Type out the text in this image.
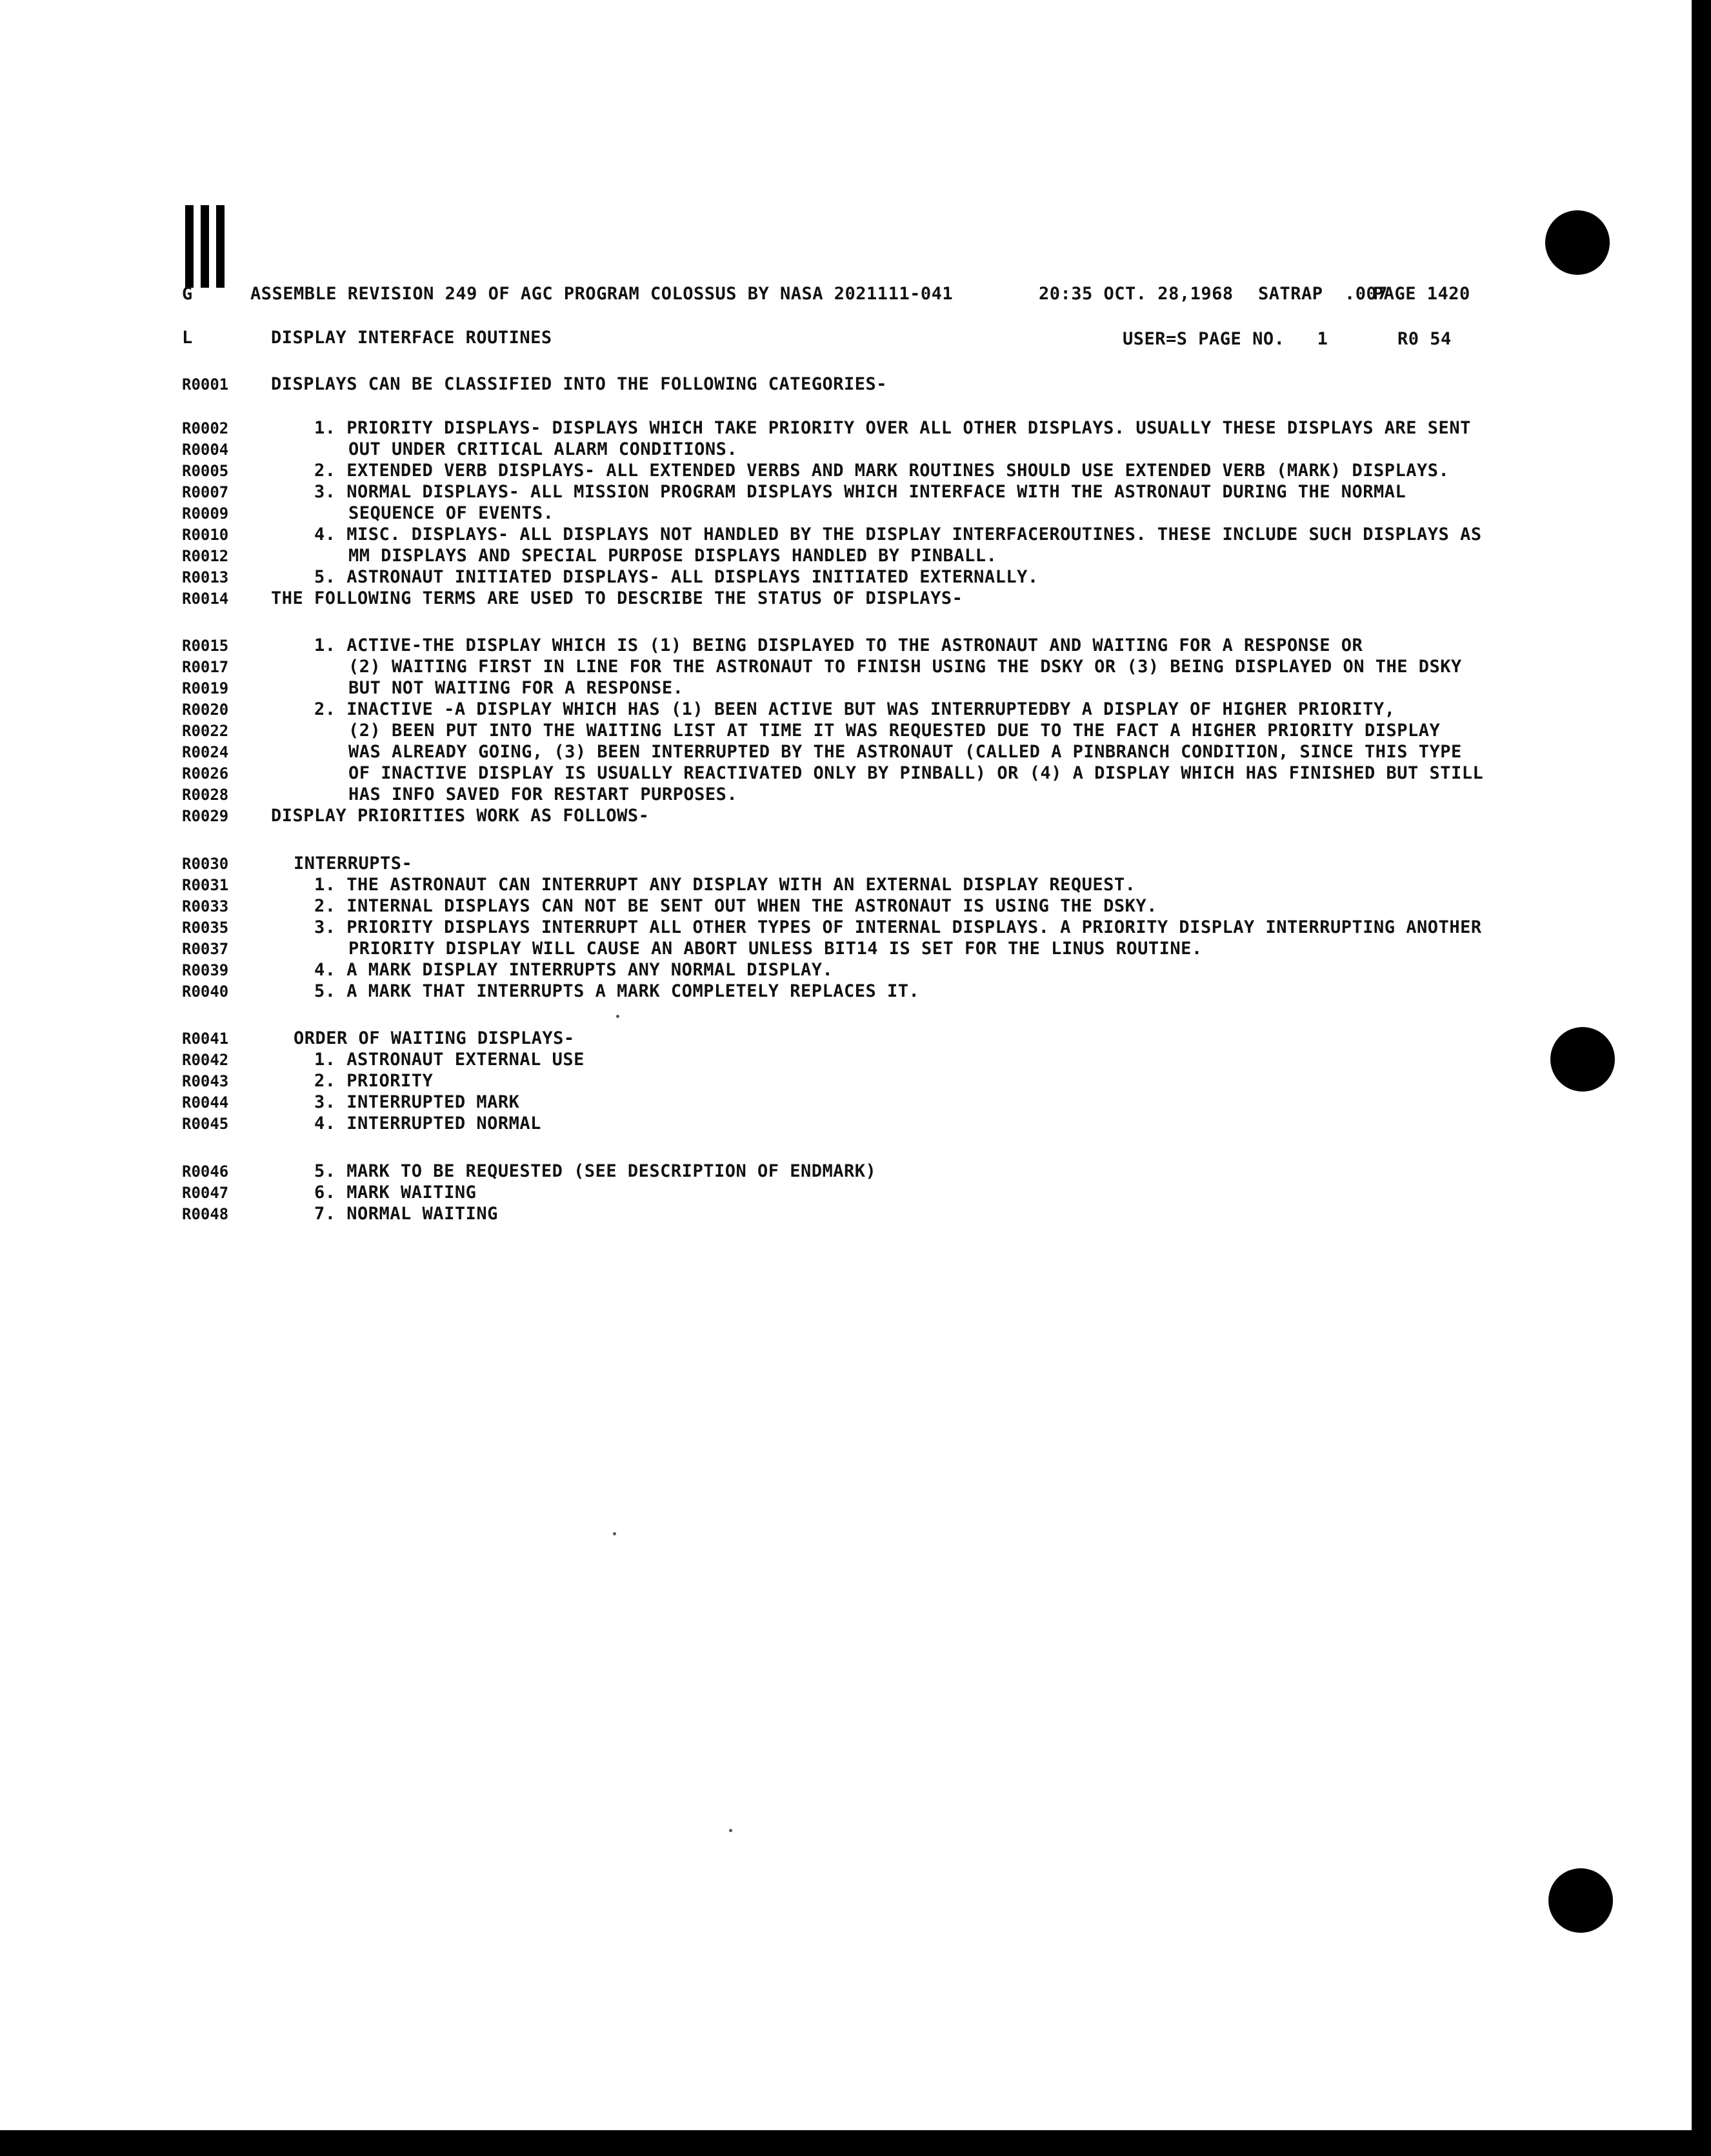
G	ASSEMBLE REVISION 249 OF AGC PROGRAM COLOSSUS BY NASA 2021111-041	20:35 OCT. 28,1968 SATRAP  .007
PAGE 1420
L	DISPLAY INTERFACE ROUTINES	USER=S PAGE NO.   1	R0 54
R0001 DISPLAYS CAN BE CLASSIFIED INTO THE FOLLOWING CATEGORIES-
R0002	1. PRIORITY DISPLAYS- DISPLAYS WHICH TAKE PRIORITY OVER ALL OTHER DISPLAYS. USUALLY THESE DISPLAYS ARE SENT
R0004	OUT UNDER CRITICAL ALARM CONDITIONS.
R0005	2. EXTENDED VERB DISPLAYS- ALL EXTENDED VERBS AND MARK ROUTINES SHOULD USE EXTENDED VERB (MARK) DISPLAYS.
R0007	3. NORMAL DISPLAYS- ALL MISSION PROGRAM DISPLAYS WHICH INTERFACE WITH THE ASTRONAUT DURING THE NORMAL
R0009	SEQUENCE OF EVENTS.
R0010	4. MISC. DISPLAYS- ALL DISPLAYS NOT HANDLED BY THE DISPLAY INTERFACEROUTINES. THESE INCLUDE SUCH DISPLAYS AS
R0012	MM DISPLAYS AND SPECIAL PURPOSE DISPLAYS HANDLED BY PINBALL.
R0013	5. ASTRONAUT INITIATED DISPLAYS- ALL DISPLAYS INITIATED EXTERNALLY.
R0014 THE FOLLOWING TERMS ARE USED TO DESCRIBE THE STATUS OF DISPLAYS-
R0015	1. ACTIVE-THE DISPLAY WHICH IS (1) BEING DISPLAYED TO THE ASTRONAUT AND WAITING FOR A RESPONSE OR
R0017	(2) WAITING FIRST IN LINE FOR THE ASTRONAUT TO FINISH USING THE DSKY OR (3) BEING DISPLAYED ON THE DSKY
R0019	BUT NOT WAITING FOR A RESPONSE.
R0020	2. INACTIVE -A DISPLAY WHICH HAS (1) BEEN ACTIVE BUT WAS INTERRUPTEDBY A DISPLAY OF HIGHER PRIORITY,
R0022	(2) BEEN PUT INTO THE WAITING LIST AT TIME IT WAS REQUESTED DUE TO THE FACT A HIGHER PRIORITY DISPLAY
R0024	WAS ALREADY GOING, (3) BEEN INTERRUPTED BY THE ASTRONAUT (CALLED A PINBRANCH CONDITION, SINCE THIS TYPE
R0026	OF INACTIVE DISPLAY IS USUALLY REACTIVATED ONLY BY PINBALL) OR (4) A DISPLAY WHICH HAS FINISHED BUT STILL
R0028	HAS INFO SAVED FOR RESTART PURPOSES.
R0029 DISPLAY PRIORITIES WORK AS FOLLOWS-
R0030	INTERRUPTS-
R0031	1. THE ASTRONAUT CAN INTERRUPT ANY DISPLAY WITH AN EXTERNAL DISPLAY REQUEST.
R0033	2. INTERNAL DISPLAYS CAN NOT BE SENT OUT WHEN THE ASTRONAUT IS USING THE DSKY.
R0035	3. PRIORITY DISPLAYS INTERRUPT ALL OTHER TYPES OF INTERNAL DISPLAYS. A PRIORITY DISPLAY INTERRUPTING ANOTHER
R0037	PRIORITY DISPLAY WILL CAUSE AN ABORT UNLESS BIT14 IS SET FOR THE LINUS ROUTINE.
R0039	4. A MARK DISPLAY INTERRUPTS ANY NORMAL DISPLAY.
R0040	5. A MARK THAT INTERRUPTS A MARK COMPLETELY REPLACES IT.
R0041	ORDER OF WAITING DISPLAYS-
R0042	1. ASTRONAUT EXTERNAL USE
R0043	2. PRIORITY
R0044	3. INTERRUPTED MARK
R0045	4. INTERRUPTED NORMAL
R0046	5. MARK TO BE REQUESTED (SEE DESCRIPTION OF ENDMARK)
R0047	6. MARK WAITING
R0048	7. NORMAL WAITING
